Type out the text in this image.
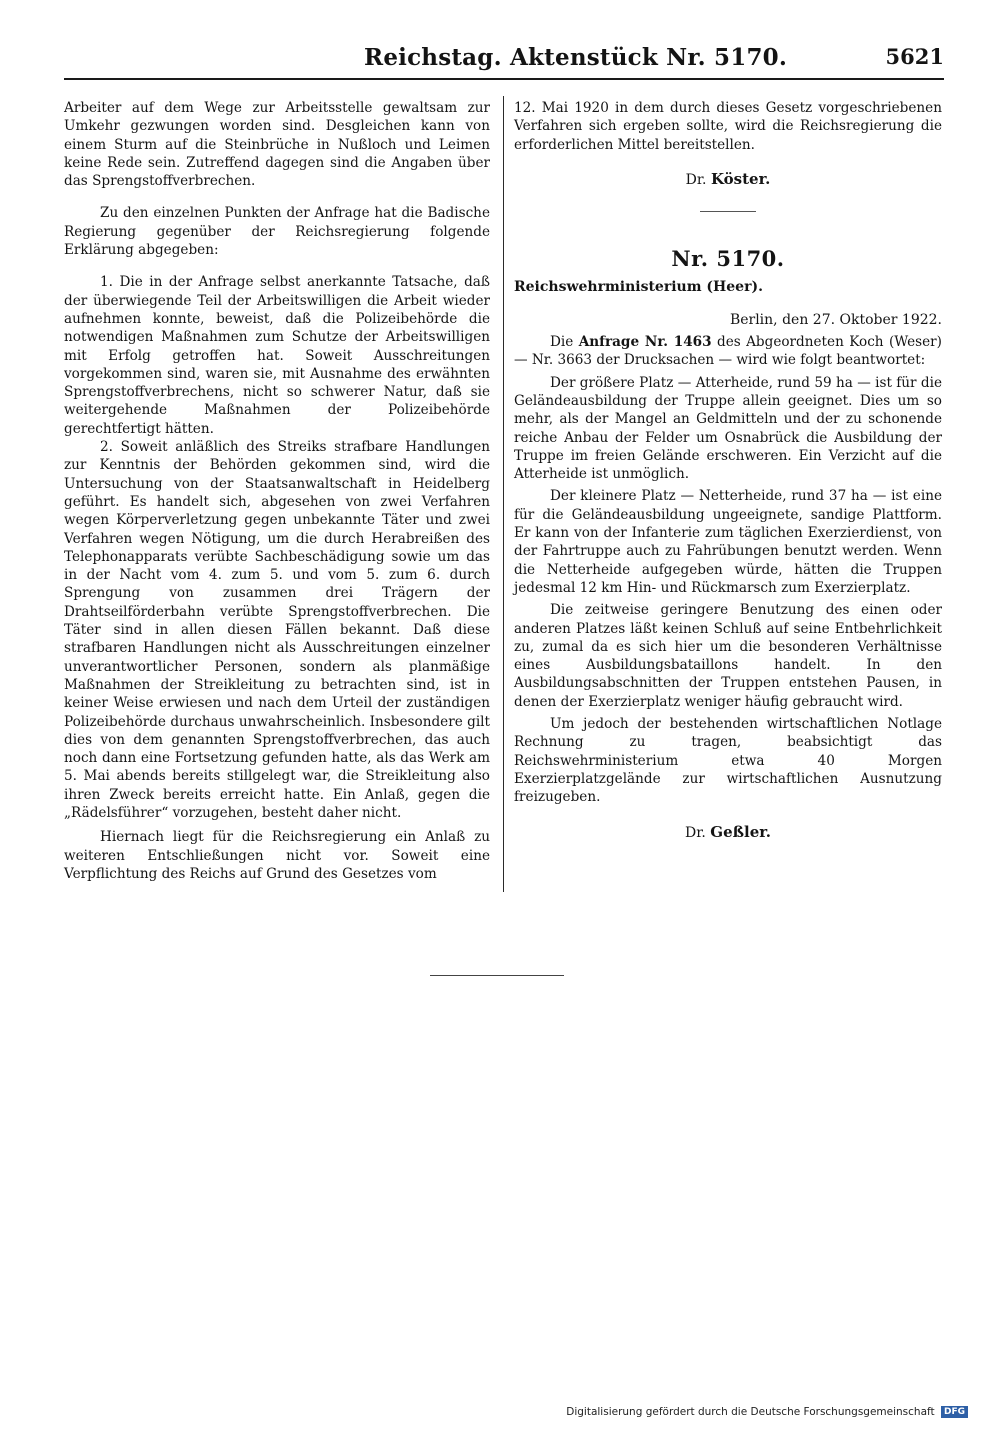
Reichstag. Aktenstück Nr. 5170.	5621

Arbeiter auf dem Wege zur Arbeitsstelle gewaltsam zur Umkehr gezwungen worden sind. Desgleichen kann von einem Sturm auf die Steinbrüche in Nußloch und Leimen keine Rede sein. Zutreffend dagegen sind die Angaben über das Sprengstoffverbrechen.

Zu den einzelnen Punkten der Anfrage hat die Badische Regierung gegenüber der Reichsregierung folgende Erklärung abgegeben:

1. Die in der Anfrage selbst anerkannte Tatsache, daß der überwiegende Teil der Arbeitswilligen die Arbeit wieder aufnehmen konnte, beweist, daß die Polizeibehörde die notwendigen Maßnahmen zum Schutze der Arbeitswilligen mit Erfolg getroffen hat. Soweit Ausschreitungen vorgekommen sind, waren sie, mit Ausnahme des erwähnten Sprengstoffverbrechens, nicht so schwerer Natur, daß sie weitergehende Maßnahmen der Polizeibehörde gerechtfertigt hätten.

2. Soweit anläßlich des Streiks strafbare Handlungen zur Kenntnis der Behörden gekommen sind, wird die Untersuchung von der Staatsanwaltschaft in Heidelberg geführt. Es handelt sich, abgesehen von zwei Verfahren wegen Körperverletzung gegen unbekannte Täter und zwei Verfahren wegen Nötigung, um die durch Herabreißen des Telephonapparats verübte Sachbeschädigung sowie um das in der Nacht vom 4. zum 5. und vom 5. zum 6. durch Sprengung von zusammen drei Trägern der Drahtseilförderbahn verübte Sprengstoffverbrechen. Die Täter sind in allen diesen Fällen bekannt. Daß diese strafbaren Handlungen nicht als Ausschreitungen einzelner unverantwortlicher Personen, sondern als planmäßige Maßnahmen der Streikleitung zu betrachten sind, ist in keiner Weise erwiesen und nach dem Urteil der zuständigen Polizeibehörde durchaus unwahrscheinlich. Insbesondere gilt dies von dem genannten Sprengstoffverbrechen, das auch noch dann eine Fortsetzung gefunden hatte, als das Werk am 5. Mai abends bereits stillgelegt war, die Streikleitung also ihren Zweck bereits erreicht hatte. Ein Anlaß, gegen die „Rädelsführer“ vorzugehen, besteht daher nicht.

Hiernach liegt für die Reichsregierung ein Anlaß zu weiteren Entschließungen nicht vor. Soweit eine Verpflichtung des Reichs auf Grund des Gesetzes vom

12. Mai 1920 in dem durch dieses Gesetz vorgeschriebenen Verfahren sich ergeben sollte, wird die Reichsregierung die erforderlichen Mittel bereitstellen.

Dr. Köster.

Nr. 5170.

Reichswehrministerium (Heer).

Berlin, den 27. Oktober 1922.

Die Anfrage Nr. 1463 des Abgeordneten Koch (Weser) — Nr. 3663 der Drucksachen — wird wie folgt beantwortet:

Der größere Platz — Atterheide, rund 59 ha — ist für die Geländeausbildung der Truppe allein geeignet. Dies um so mehr, als der Mangel an Geldmitteln und der zu schonende reiche Anbau der Felder um Osnabrück die Ausbildung der Truppe im freien Gelände erschweren. Ein Verzicht auf die Atterheide ist unmöglich.

Der kleinere Platz — Netterheide, rund 37 ha — ist eine für die Geländeausbildung ungeeignete, sandige Plattform. Er kann von der Infanterie zum täglichen Exerzierdienst, von der Fahrtruppe auch zu Fahrübungen benutzt werden. Wenn die Netterheide aufgegeben würde, hätten die Truppen jedesmal 12 km Hin- und Rückmarsch zum Exerzierplatz.

Die zeitweise geringere Benutzung des einen oder anderen Platzes läßt keinen Schluß auf seine Entbehrlichkeit zu, zumal da es sich hier um die besonderen Verhältnisse eines Ausbildungsbataillons handelt. In den Ausbildungsabschnitten der Truppen entstehen Pausen, in denen der Exerzierplatz weniger häufig gebraucht wird.

Um jedoch der bestehenden wirtschaftlichen Notlage Rechnung zu tragen, beabsichtigt das Reichswehrministerium etwa 40 Morgen Exerzierplatzgelände zur wirtschaftlichen Ausnutzung freizugeben.

Dr. Geßler.

Digitalisierung gefördert durch die Deutsche Forschungsgemeinschaft DFG
